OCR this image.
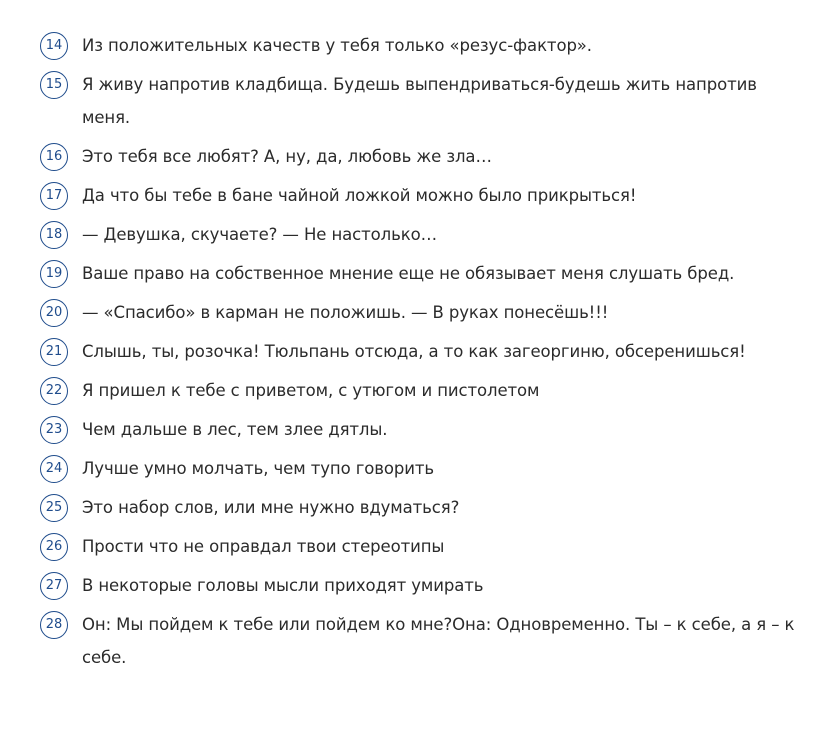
14	Из положительных качеств у тебя только «резус-фактор».
15	Я живу напротив кладбища. Будешь выпендриваться-будешь жить напротив меня.
16	Это тебя все любят? А, ну, да, любовь же зла…
17	Да что бы тебе в бане чайной ложкой можно было прикрыться!
18	— Девушка, скучаете? — Не настолько…
19	Ваше право на собственное мнение еще не обязывает меня слушать бред.
20	— «Спасибо» в карман не положишь. — В руках понесёшь!!!
21	Слышь, ты, розочка! Тюльпань отсюда, а то как загеоргиню, обсеренишься!
22	Я пришел к тебе с приветом, с утюгом и пистолетом
23	Чем дальше в лес, тем злее дятлы.
24	Лучше умно молчать, чем тупо говорить
25	Это набор слов, или мне нужно вдуматься?
26	Прости что не оправдал твои стереотипы
27	В некоторые головы мысли приходят умирать
28	Он: Мы пойдем к тебе или пойдем ко мне?Она: Одновременно. Ты – к себе, а я – к себе.
